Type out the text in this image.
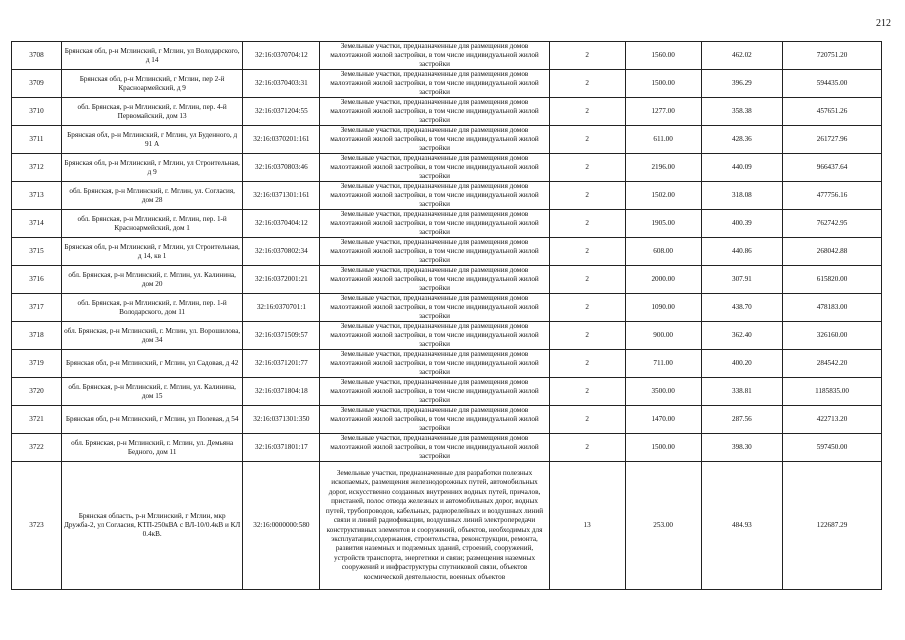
212
3708	Брянская обл, р-н Мглинский, г Мглин, ул Володарского, д 14	32:16:0370704:12	Земельные участки, предназначенные для размещения домов малоэтажной жилой застройки, в том числе индивидуальной жилой застройки	2	1560.00	462.02	720751.20
3709	Брянская обл, р-н Мглинский, г Мглин, пер 2-й Красноармейский, д 9	32:16:0370403:31	Земельные участки, предназначенные для размещения домов малоэтажной жилой застройки, в том числе индивидуальной жилой застройки	2	1500.00	396.29	594435.00
3710	обл. Брянская, р-н Мглинский, г. Мглин, пер. 4-й Первомайский, дом 13	32:16:0371204:55	Земельные участки, предназначенные для размещения домов малоэтажной жилой застройки, в том числе индивидуальной жилой застройки	2	1277.00	358.38	457651.26
3711	Брянская обл, р-н Мглинский, г Мглин, ул Буденного, д 91 А	32:16:0370201:161	Земельные участки, предназначенные для размещения домов малоэтажной жилой застройки, в том числе индивидуальной жилой застройки	2	611.00	428.36	261727.96
3712	Брянская обл, р-н Мглинский, г Мглин, ул Строительная, д 9	32:16:0370803:46	Земельные участки, предназначенные для размещения домов малоэтажной жилой застройки, в том числе индивидуальной жилой застройки	2	2196.00	440.09	966437.64
3713	обл. Брянская, р-н Мглинский, г. Мглин, ул. Согласия, дом 28	32:16:0371301:161	Земельные участки, предназначенные для размещения домов малоэтажной жилой застройки, в том числе индивидуальной жилой застройки	2	1502.00	318.08	477756.16
3714	обл. Брянская, р-н Мглинский, г. Мглин, пер. 1-й Красноармейский, дом 1	32:16:0370404:12	Земельные участки, предназначенные для размещения домов малоэтажной жилой застройки, в том числе индивидуальной жилой застройки	2	1905.00	400.39	762742.95
3715	Брянская обл, р-н Мглинский, г Мглин, ул Строительная, д 14, кв 1	32:16:0370802:34	Земельные участки, предназначенные для размещения домов малоэтажной жилой застройки, в том числе индивидуальной жилой застройки	2	608.00	440.86	268042.88
3716	обл. Брянская, р-н Мглинский, г. Мглин, ул. Калинина, дом 20	32:16:0372001:21	Земельные участки, предназначенные для размещения домов малоэтажной жилой застройки, в том числе индивидуальной жилой застройки	2	2000.00	307.91	615820.00
3717	обл. Брянская, р-н Мглинский, г. Мглин, пер. 1-й Володарского, дом 11	32:16:0370701:1	Земельные участки, предназначенные для размещения домов малоэтажной жилой застройки, в том числе индивидуальной жилой застройки	2	1090.00	438.70	478183.00
3718	обл. Брянская, р-н Мглинский, г. Мглин, ул. Ворошилова, дом 34	32:16:0371509:57	Земельные участки, предназначенные для размещения домов малоэтажной жилой застройки, в том числе индивидуальной жилой застройки	2	900.00	362.40	326160.00
3719	Брянская обл, р-н Мглинский, г Мглин, ул Садовая, д 42	32:16:0371201:77	Земельные участки, предназначенные для размещения домов малоэтажной жилой застройки, в том числе индивидуальной жилой застройки	2	711.00	400.20	284542.20
3720	обл. Брянская, р-н Мглинский, г. Мглин, ул. Калинина, дом 15	32:16:0371804:18	Земельные участки, предназначенные для размещения домов малоэтажной жилой застройки, в том числе индивидуальной жилой застройки	2	3500.00	338.81	1185835.00
3721	Брянская обл, р-н Мглинский, г Мглин, ул Полевая, д 54	32:16:0371301:350	Земельные участки, предназначенные для размещения домов малоэтажной жилой застройки, в том числе индивидуальной жилой застройки	2	1470.00	287.56	422713.20
3722	обл. Брянская, р-н Мглинский, г. Мглин, ул. Демьяна Бедного, дом 11	32:16:0371801:17	Земельные участки, предназначенные для размещения домов малоэтажной жилой застройки, в том числе индивидуальной жилой застройки	2	1500.00	398.30	597450.00
3723	Брянская область, р-н Мглинский, г Мглин, мкр Дружба-2, ул Согласия, КТП-250кВА с ВЛ-10/0.4кВ и КЛ 0.4кВ.	32:16:0000000:580	Земельные участки, предназначенные для разработки полезных ископаемых, размещения железнодорожных путей, автомобильных дорог, искусственно созданных внутренних водных путей, причалов, пристаней, полос отвода железных и автомобильных дорог, водных путей, трубопроводов, кабельных, радиорелейных и воздушных линий связи и линий радиофикации, воздушных линий электропередачи конструктивных элементов и сооружений, объектов, необходимых для эксплуатации,содержания, строительства, реконструкции, ремонта, развития наземных и подземных зданий, строений, сооружений, устройств транспорта, энергетики и связи; размещения наземных сооружений и инфраструктуры спутниковой связи, объектов космической деятельности, военных объектов	13	253.00	484.93	122687.29
